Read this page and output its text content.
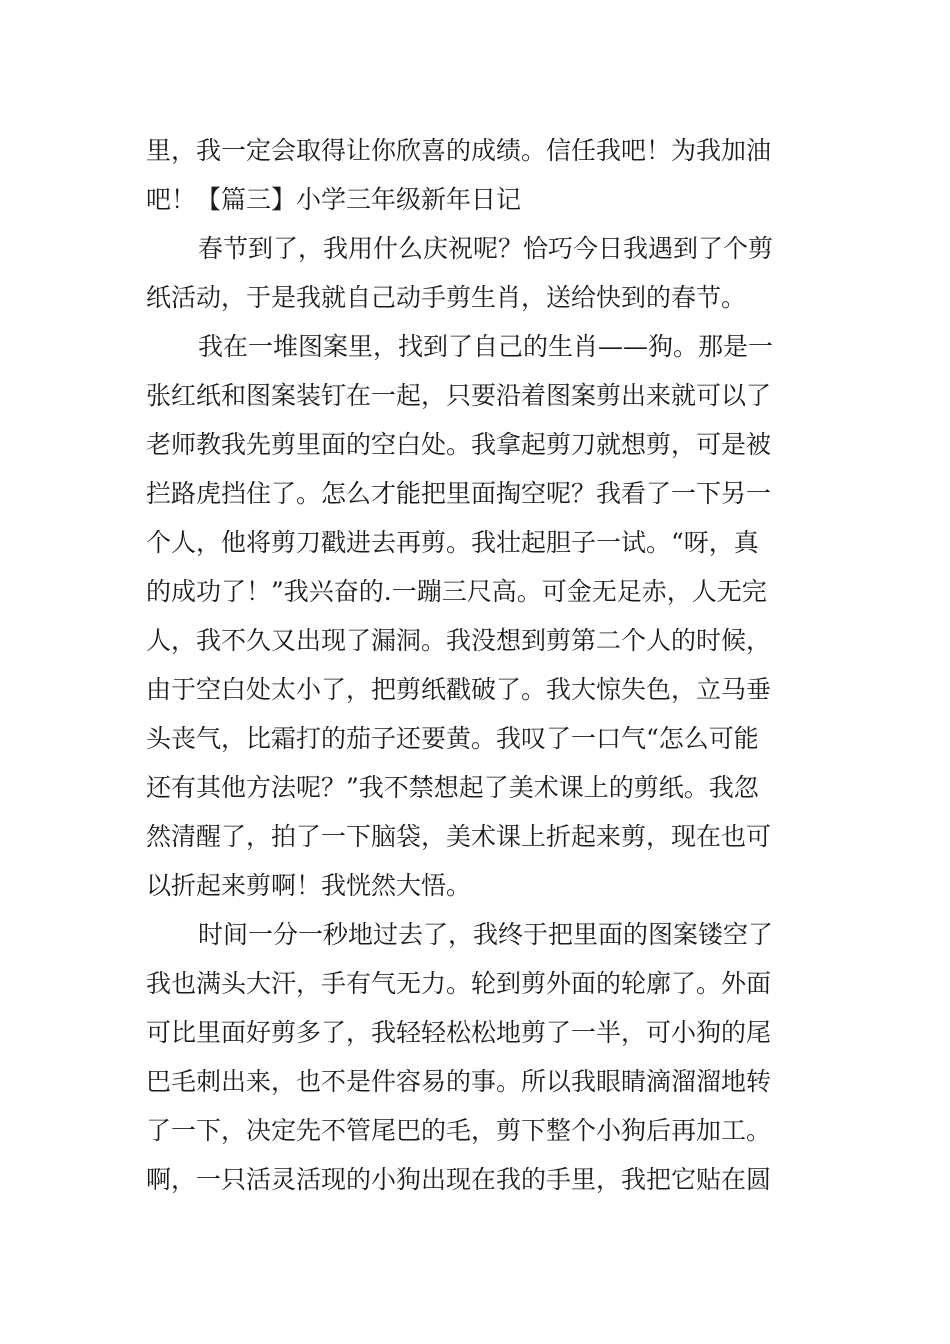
里，我一定会取得让你欣喜的成绩。信任我吧！为我加油
吧！【篇三】小学三年级新年日记
春节到了，我用什么庆祝呢？恰巧今日我遇到了个剪
纸活动，于是我就自己动手剪生肖，送给快到的春节。
我在一堆图案里，找到了自己的生肖——狗。那是一
张红纸和图案装钉在一起，只要沿着图案剪出来就可以了
老师教我先剪里面的空白处。我拿起剪刀就想剪，可是被
拦路虎挡住了。怎么才能把里面掏空呢？我看了一下另一
个人，他将剪刀戳进去再剪。我壮起胆子一试。“呀，真
的成功了！”我兴奋的.一蹦三尺高。可金无足赤，人无完
人，我不久又出现了漏洞。我没想到剪第二个人的时候，
由于空白处太小了，把剪纸戳破了。我大惊失色，立马垂
头丧气，比霜打的茄子还要黄。我叹了一口气“怎么可能
还有其他方法呢？”我不禁想起了美术课上的剪纸。我忽
然清醒了，拍了一下脑袋，美术课上折起来剪，现在也可
以折起来剪啊！我恍然大悟。
时间一分一秒地过去了，我终于把里面的图案镂空了
我也满头大汗，手有气无力。轮到剪外面的轮廓了。外面
可比里面好剪多了，我轻轻松松地剪了一半，可小狗的尾
巴毛刺出来，也不是件容易的事。所以我眼睛滴溜溜地转
了一下，决定先不管尾巴的毛，剪下整个小狗后再加工。
啊，一只活灵活现的小狗出现在我的手里，我把它贴在圆
